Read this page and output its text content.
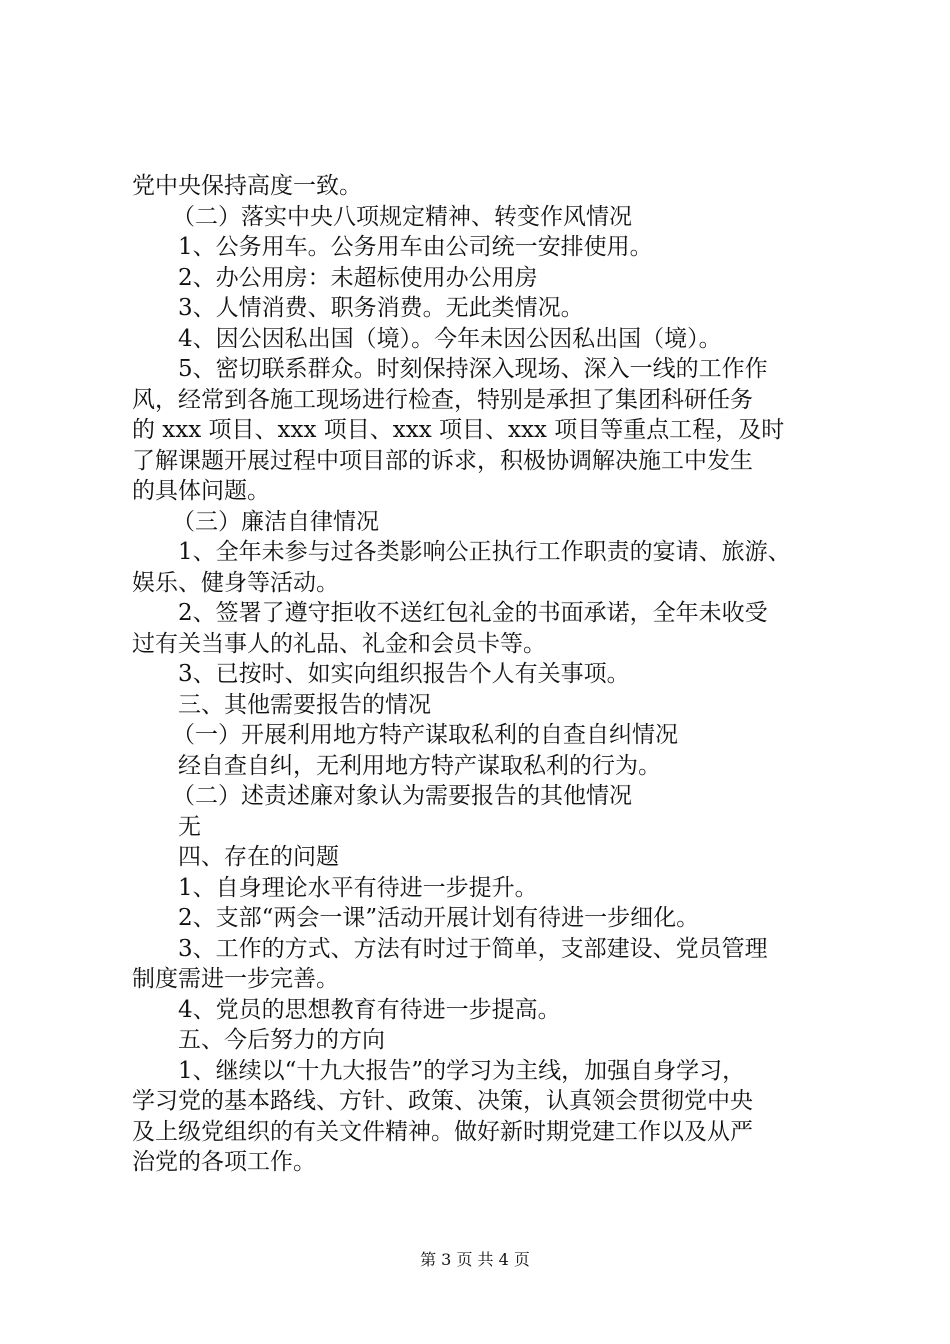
党中央保持高度一致。
（二）落实中央八项规定精神、转变作风情况
1、公务用车。公务用车由公司统一安排使用。
2、办公用房：未超标使用办公用房
3、人情消费、职务消费。无此类情况。
4、因公因私出国（境）。今年未因公因私出国（境）。
5、密切联系群众。时刻保持深入现场、深入一线的工作作
风，经常到各施工现场进行检查，特别是承担了集团科研任务
的 xxx 项目、xxx 项目、xxx 项目、xxx 项目等重点工程，及时
了解课题开展过程中项目部的诉求，积极协调解决施工中发生
的具体问题。
（三）廉洁自律情况
1、全年未参与过各类影响公正执行工作职责的宴请、旅游、
娱乐、健身等活动。
2、签署了遵守拒收不送红包礼金的书面承诺，全年未收受
过有关当事人的礼品、礼金和会员卡等。
3、已按时、如实向组织报告个人有关事项。
三、其他需要报告的情况
（一）开展利用地方特产谋取私利的自查自纠情况
经自查自纠，无利用地方特产谋取私利的行为。
（二）述责述廉对象认为需要报告的其他情况
无
四、存在的问题
1、自身理论水平有待进一步提升。
2、支部“两会一课”活动开展计划有待进一步细化。
3、工作的方式、方法有时过于简单，支部建设、党员管理
制度需进一步完善。
4、党员的思想教育有待进一步提高。
五、今后努力的方向
1、继续以“十九大报告”的学习为主线，加强自身学习，
学习党的基本路线、方针、政策、决策，认真领会贯彻党中央
及上级党组织的有关文件精神。做好新时期党建工作以及从严
治党的各项工作。
第 3 页 共 4 页
